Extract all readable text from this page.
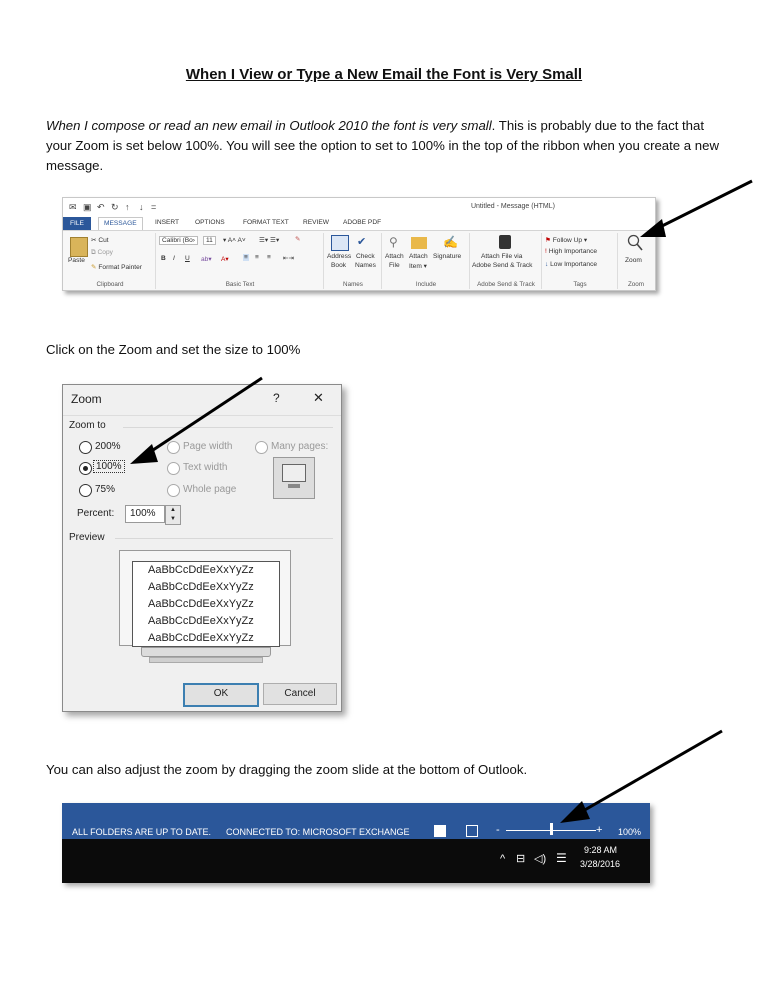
When I View or Type a New Email the Font is Very Small
When I compose or read an new email in Outlook 2010 the font is very small. This is probably due to the fact that your Zoom is set below 100%. You will see the option to set to 100% in the top of the ribbon when you create a new message.
✉ ▣ ↶ ↻ ↑ ↓ =	Untitled - Message (HTML)
FILE	MESSAGE	INSERT OPTIONS	FORMAT TEXT REVIEW ADOBE PDF
Paste
✂ Cut
⧉ Copy
✎ Format Painter
Clipboard
Calibri (Bo›	11	▾ A˄ A˅ ☰▾ ☰▾ ✎
B I U ab▾ A▾ ≡ ≡ ≡ ⇤⇥
Basic Text
✔
Address
Book
Check
Names
Names
⚲	✍
Attach
File
Attach
Item ▾
Signature
Include
Attach File via
Adobe Send & Track
Adobe Send & Track
⚑ Follow Up ▾
! High Importance
↓ Low Importance
Tags
Zoom
Zoom
Click on the Zoom and set the size to 100%
Zoom	?	✕
Zoom to
200%
100%
75%
Page width
Text width
Whole page
Many pages:
Percent:	100%	▲
▼
Preview
AaBbCcDdEeXxYyZz
AaBbCcDdEeXxYyZz
AaBbCcDdEeXxYyZz
AaBbCcDdEeXxYyZz
AaBbCcDdEeXxYyZz
OK	Cancel
You can also adjust the zoom by dragging the zoom slide at the bottom of Outlook.
ALL FOLDERS ARE UP TO DATE. CONNECTED TO: MICROSOFT EXCHANGE	-	+ 100%
^ ⊟ ◁) ☰
9:28 AM
3/28/2016
